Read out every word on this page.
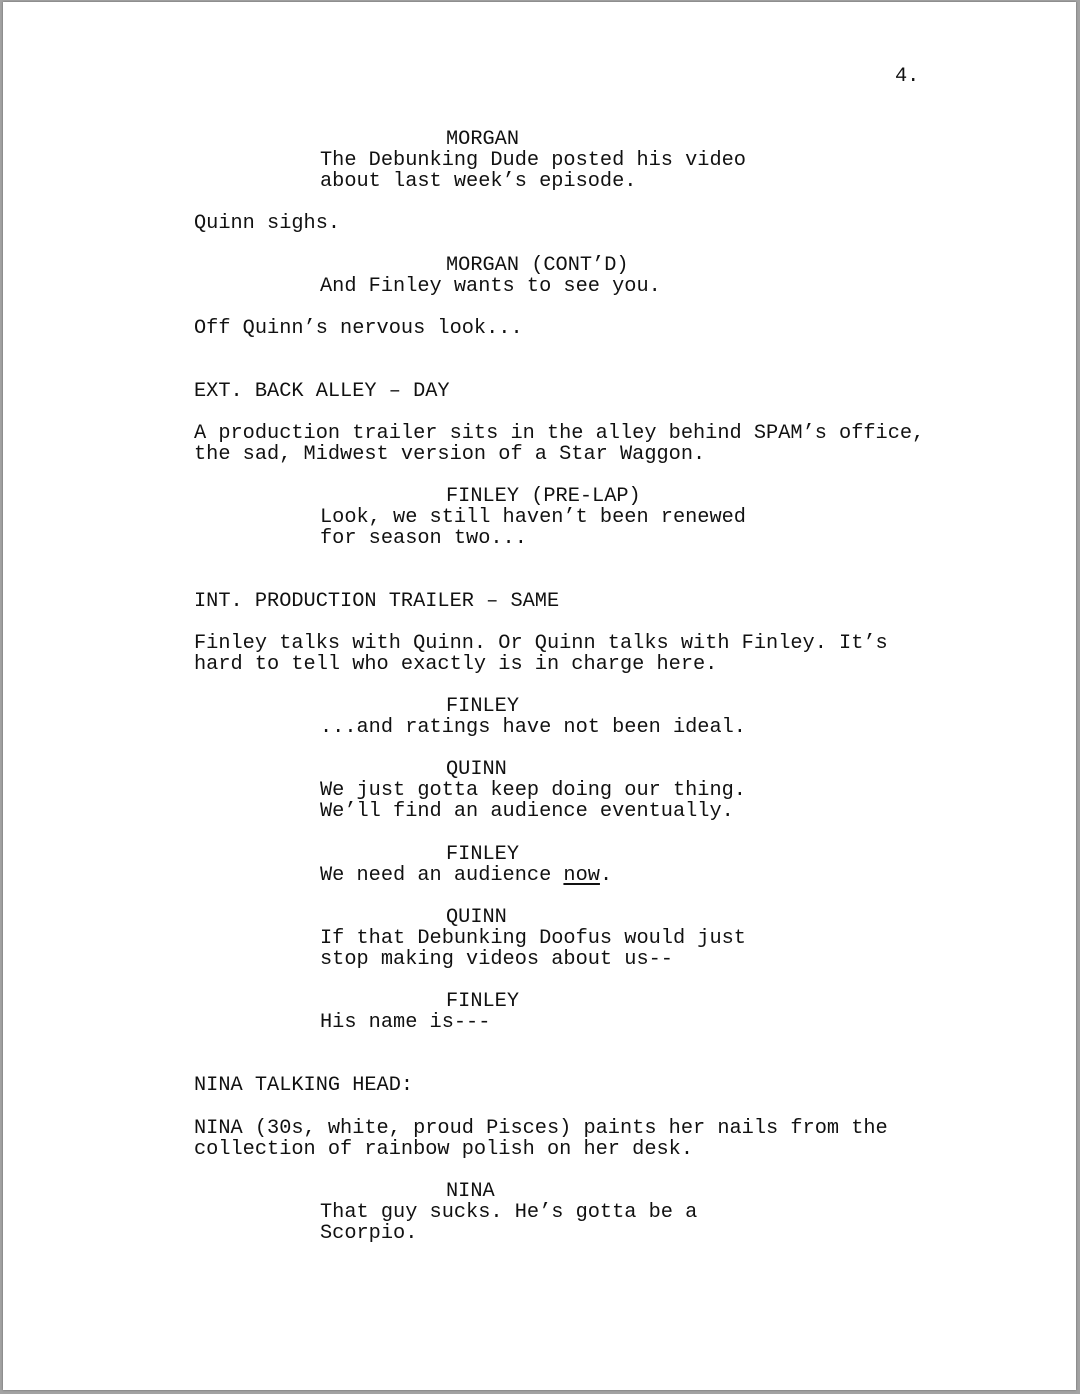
4.
MORGAN
The Debunking Dude posted his video
about last week’s episode.
Quinn sighs.
MORGAN (CONT’D)
And Finley wants to see you.
Off Quinn’s nervous look...
EXT. BACK ALLEY – DAY
A production trailer sits in the alley behind SPAM’s office,
the sad, Midwest version of a Star Waggon.
FINLEY (PRE-LAP)
Look, we still haven’t been renewed
for season two...
INT. PRODUCTION TRAILER – SAME
Finley talks with Quinn. Or Quinn talks with Finley. It’s
hard to tell who exactly is in charge here.
FINLEY
...and ratings have not been ideal.
QUINN
We just gotta keep doing our thing.
We’ll find an audience eventually.
FINLEY
We need an audience now.
QUINN
If that Debunking Doofus would just
stop making videos about us--
FINLEY
His name is---
NINA TALKING HEAD:
NINA (30s, white, proud Pisces) paints her nails from the
collection of rainbow polish on her desk.
NINA
That guy sucks. He’s gotta be a
Scorpio.
